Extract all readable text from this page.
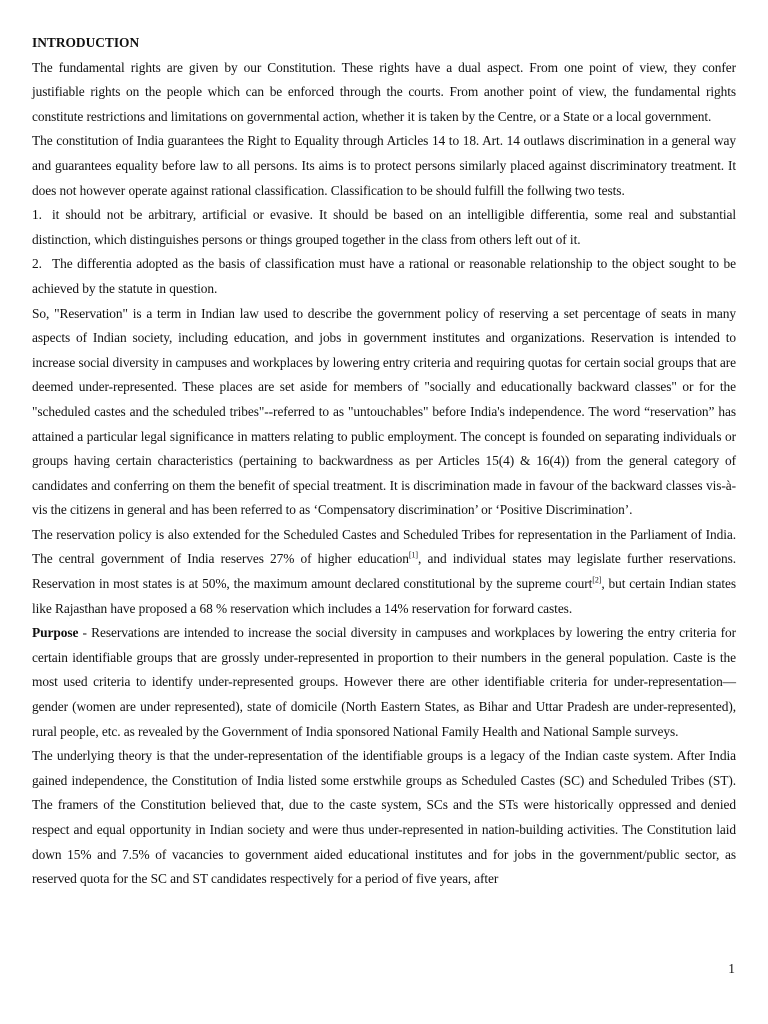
INTRODUCTION

The fundamental rights are given by our Constitution. These rights have a dual aspect. From one point of view, they confer justifiable rights on the people which can be enforced through the courts. From another point of view, the fundamental rights constitute restrictions and limitations on governmental action, whether it is taken by the Centre, or a State or a local government.

The constitution of India guarantees the Right to Equality through Articles 14 to 18. Art. 14 outlaws discrimination in a general way and guarantees equality before law to all persons. Its aims is to protect persons similarly placed against discriminatory treatment. It does not however operate against rational classification. Classification to be should fulfill the follwing two tests.

1. it should not be arbitrary, artificial or evasive. It should be based on an intelligible differentia, some real and substantial distinction, which distinguishes persons or things grouped together in the class from others left out of it.

2. The differentia adopted as the basis of classification must have a rational or reasonable relationship to the object sought to be achieved by the statute in question.

So, "Reservation" is a term in Indian law used to describe the government policy of reserving a set percentage of seats in many aspects of Indian society, including education, and jobs in government institutes and organizations. Reservation is intended to increase social diversity in campuses and workplaces by lowering entry criteria and requiring quotas for certain social groups that are deemed under-represented. These places are set aside for members of "socially and educationally backward classes" or for the "scheduled castes and the scheduled tribes"--referred to as "untouchables" before India's independence. The word “reservation” has attained a particular legal significance in matters relating to public employment. The concept is founded on separating individuals or groups having certain characteristics (pertaining to backwardness as per Articles 15(4) & 16(4)) from the general category of candidates and conferring on them the benefit of special treatment. It is discrimination made in favour of the backward classes vis-à-vis the citizens in general and has been referred to as ‘Compensatory discrimination’ or ‘Positive Discrimination’.

The reservation policy is also extended for the Scheduled Castes and Scheduled Tribes for representation in the Parliament of India. The central government of India reserves 27% of higher education[1], and individual states may legislate further reservations. Reservation in most states is at 50%, the maximum amount declared constitutional by the supreme court[2], but certain Indian states like Rajasthan have proposed a 68 % reservation which includes a 14% reservation for forward castes.

Purpose - Reservations are intended to increase the social diversity in campuses and workplaces by lowering the entry criteria for certain identifiable groups that are grossly under-represented in proportion to their numbers in the general population. Caste is the most used criteria to identify under-represented groups. However there are other identifiable criteria for under-representation—gender (women are under represented), state of domicile (North Eastern States, as Bihar and Uttar Pradesh are under-represented), rural people, etc. as revealed by the Government of India sponsored National Family Health and National Sample surveys.

The underlying theory is that the under-representation of the identifiable groups is a legacy of the Indian caste system. After India gained independence, the Constitution of India listed some erstwhile groups as Scheduled Castes (SC) and Scheduled Tribes (ST). The framers of the Constitution believed that, due to the caste system, SCs and the STs were historically oppressed and denied respect and equal opportunity in Indian society and were thus under-represented in nation-building activities. The Constitution laid down 15% and 7.5% of vacancies to government aided educational institutes and for jobs in the government/public sector, as reserved quota for the SC and ST candidates respectively for a period of five years, after

1
